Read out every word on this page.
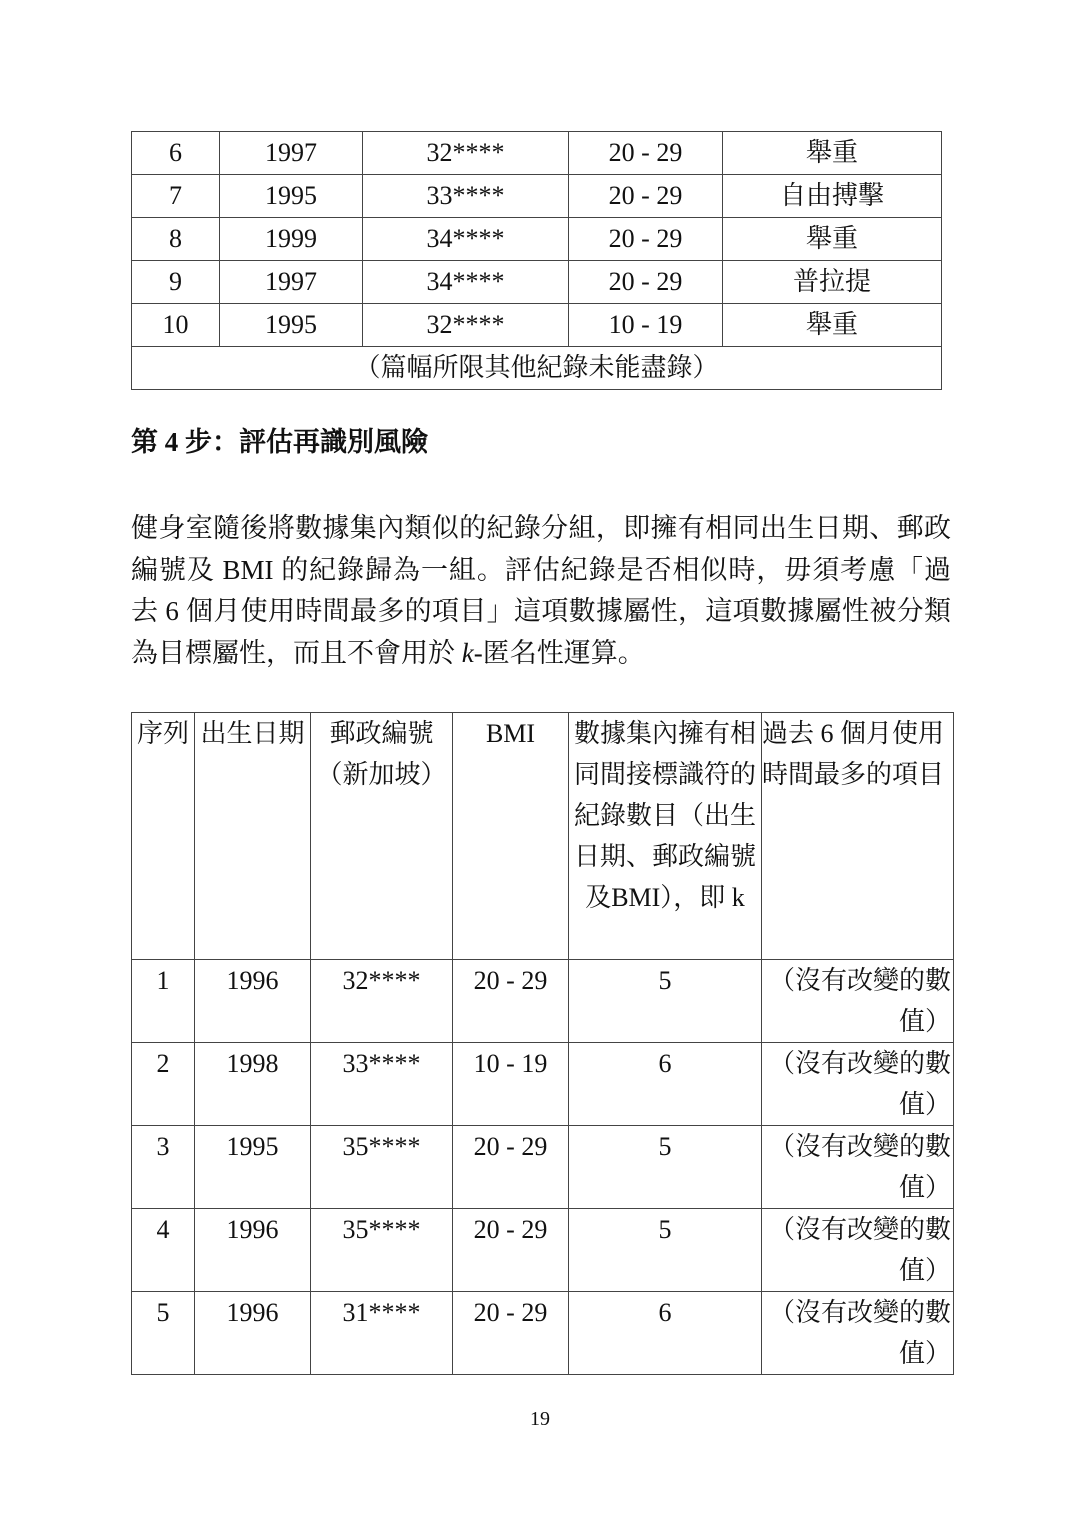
6	1997	32****	20 - 29	舉重
7	1995	33****	20 - 29	自由搏擊
8	1999	34****	20 - 29	舉重
9	1997	34****	20 - 29	普拉提
10	1995	32****	10 - 19	舉重
（篇幅所限其他紀錄未能盡錄）				
第 4 步：評估再識別風險

健身室隨後將數據集內類似的紀錄分組，即擁有相同出生日期、郵政編號及 BMI 的紀錄歸為一組。評估紀錄是否相似時，毋須考慮「過去 6 個月使用時間最多的項目」這項數據屬性，這項數據屬性被分類為目標屬性，而且不會用於 k-匿名性運算。

序列	出生日期	郵政編號（新加坡）	BMI	數據集內擁有相同間接標識符的紀錄數目（出生日期、郵政編號及BMI），即 k	過去 6 個月使用時間最多的項目
1	1996	32****	20 - 29	5	（沒有改變的數值）
2	1998	33****	10 - 19	6	（沒有改變的數值）
3	1995	35****	20 - 29	5	（沒有改變的數值）
4	1996	35****	20 - 29	5	（沒有改變的數值）
5	1996	31****	20 - 29	6	（沒有改變的數值）
19
